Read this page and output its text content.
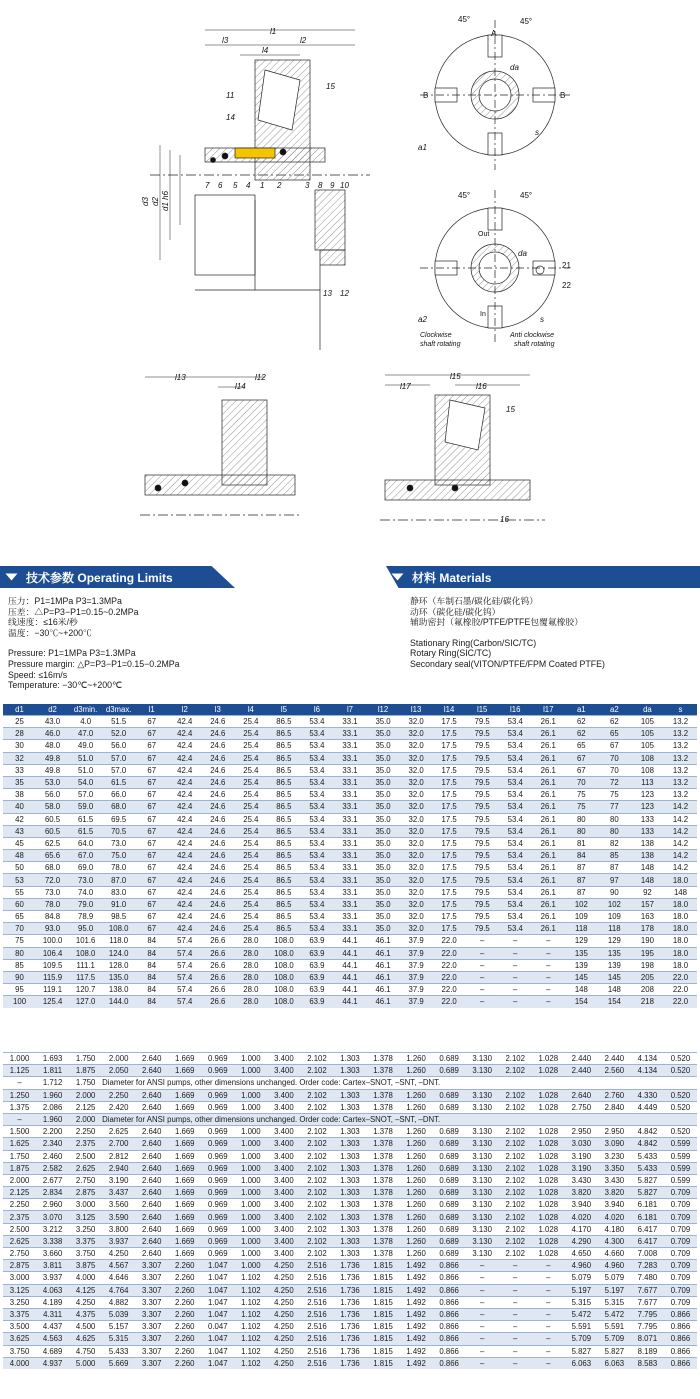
l1
l3	l2
l4
d3 d2 d1 h6
11
14
15
7 6 5 4 1 2	3 8 9 10
13 12
45°	45°
A
B	B
da
a1
s
45°	45°
Out
In
da
21
22
a2	s
Clockwise
shaft rotating
Anti clockwise
shaft rotating
l13
l14
l12
l17
l15
l16
15
16
技术参数 Operating Limits	材料 Materials
压力：P1=1MPa P3=1.3MPa
压差：△P=P3−P1=0.15~0.2MPa
线速度：≤16米/秒
温度：−30℃~+200℃
Pressure: P1=1MPa P3=1.3MPa
Pressure margin: △P=P3−P1=0.15−0.2MPa
Speed: ≤16m/s
Temperature: −30℃~+200℃
静环（车制石墨/碳化硅/碳化钨）
动环（碳化硅/碳化钨）
辅助密封（氟橡胶/PTFE/PTFE包覆氟橡胶）
Stationary Ring(Carbon/SIC/TC)
Rotary Ring(SIC/TC)
Secondary seal(VITON/PTFE/FPM Coated PTFE)
d1	d2	d3min.	d3max.	l1	l2	l3	l4	l5	l6	l7	l12	l13	l14	l15	l16	l17	a1	a2	da	s
25	43.0	4.0	51.5	67	42.4	24.6	25.4	86.5	53.4	33.1	35.0	32.0	17.5	79.5	53.4	26.1	62	62	105	13.2
28	46.0	47.0	52.0	67	42.4	24.6	25.4	86.5	53.4	33.1	35.0	32.0	17.5	79.5	53.4	26.1	62	65	105	13.2
30	48.0	49.0	56.0	67	42.4	24.6	25.4	86.5	53.4	33.1	35.0	32.0	17.5	79.5	53.4	26.1	65	67	105	13.2
32	49.8	51.0	57.0	67	42.4	24.6	25.4	86.5	53.4	33.1	35.0	32.0	17.5	79.5	53.4	26.1	67	70	108	13.2
33	49.8	51.0	57.0	67	42.4	24.6	25.4	86.5	53.4	33.1	35.0	32.0	17.5	79.5	53.4	26.1	67	70	108	13.2
35	53.0	54.0	61.5	67	42.4	24.6	25.4	86.5	53.4	33.1	35.0	32.0	17.5	79.5	53.4	26.1	70	72	113	13.2
38	56.0	57.0	66.0	67	42.4	24.6	25.4	86.5	53.4	33.1	35.0	32.0	17.5	79.5	53.4	26.1	75	75	123	13.2
40	58.0	59.0	68.0	67	42.4	24.6	25.4	86.5	53.4	33.1	35.0	32.0	17.5	79.5	53.4	26.1	75	77	123	14.2
42	60.5	61.5	69.5	67	42.4	24.6	25.4	86.5	53.4	33.1	35.0	32.0	17.5	79.5	53.4	26.1	80	80	133	14.2
43	60.5	61.5	70.5	67	42.4	24.6	25.4	86.5	53.4	33.1	35.0	32.0	17.5	79.5	53.4	26.1	80	80	133	14.2
45	62.5	64.0	73.0	67	42.4	24.6	25.4	86.5	53.4	33.1	35.0	32.0	17.5	79.5	53.4	26.1	81	82	138	14.2
48	65.6	67.0	75.0	67	42.4	24.6	25.4	86.5	53.4	33.1	35.0	32.0	17.5	79.5	53.4	26.1	84	85	138	14.2
50	68.0	69.0	78.0	67	42.4	24.6	25.4	86.5	53.4	33.1	35.0	32.0	17.5	79.5	53.4	26.1	87	87	148	14.2
53	72.0	73.0	87.0	67	42.4	24.6	25.4	86.5	53.4	33.1	35.0	32.0	17.5	79.5	53.4	26.1	87	97	148	18.0
55	73.0	74.0	83.0	67	42.4	24.6	25.4	86.5	53.4	33.1	35.0	32.0	17.5	79.5	53.4	26.1	87	90	92	148
60	78.0	79.0	91.0	67	42.4	24.6	25.4	86.5	53.4	33.1	35.0	32.0	17.5	79.5	53.4	26.1	102	102	157	18.0
65	84.8	78.9	98.5	67	42.4	24.6	25.4	86.5	53.4	33.1	35.0	32.0	17.5	79.5	53.4	26.1	109	109	163	18.0
70	93.0	95.0	108.0	67	42.4	24.6	25.4	86.5	53.4	33.1	35.0	32.0	17.5	79.5	53.4	26.1	118	118	178	18.0
75	100.0	101.6	118.0	84	57.4	26.6	28.0	108.0	63.9	44.1	46.1	37.9	22.0	–	–	–	129	129	190	18.0
80	106.4	108.0	124.0	84	57.4	26.6	28.0	108.0	63.9	44.1	46.1	37.9	22.0	–	–	–	135	135	195	18.0
85	109.5	111.1	128.0	84	57.4	26.6	28.0	108.0	63.9	44.1	46.1	37.9	22.0	–	–	–	139	139	198	18.0
90	115.9	117.5	135.0	84	57.4	26.6	28.0	108.0	63.9	44.1	46.1	37.9	22.0	–	–	–	145	145	205	22.0
95	119.1	120.7	138.0	84	57.4	26.6	28.0	108.0	63.9	44.1	46.1	37.9	22.0	–	–	–	148	148	208	22.0
100	125.4	127.0	144.0	84	57.4	26.6	28.0	108.0	63.9	44.1	46.1	37.9	22.0	–	–	–	154	154	218	22.0
1.000	1.693	1.750	2.000	2.640	1.669	0.969	1.000	3.400	2.102	1.303	1.378	1.260	0.689	3.130	2.102	1.028	2.440	2.440	4.134	0.520
1.125	1.811	1.875	2.050	2.640	1.669	0.969	1.000	3.400	2.102	1.303	1.378	1.260	0.689	3.130	2.102	1.028	2.440	2.560	4.134	0.520
–	1.712	1.750	Diameter for ANSI pumps, other dimensions unchanged. Order code: Cartex–SNOT, –SNT, –DNT.																	
1.250	1.960	2.000	2.250	2.640	1.669	0.969	1.000	3.400	2.102	1.303	1.378	1.260	0.689	3.130	2.102	1.028	2.640	2.760	4.330	0.520
1.375	2.086	2.125	2.420	2.640	1.669	0.969	1.000	3.400	2.102	1.303	1.378	1.260	0.689	3.130	2.102	1.028	2.750	2.840	4.449	0.520
–	1.960	2.000	Diameter for ANSI pumps, other dimensions unchanged. Order code: Cartex–SNOT, –SNT, –DNT.																	
1.500	2.200	2.250	2.625	2.640	1.669	0.969	1.000	3.400	2.102	1.303	1.378	1.260	0.689	3.130	2.102	1.028	2.950	2.950	4.842	0.520
1.625	2.340	2.375	2.700	2.640	1.669	0.969	1.000	3.400	2.102	1.303	1.378	1.260	0.689	3.130	2.102	1.028	3.030	3.090	4.842	0.599
1.750	2.460	2.500	2.812	2.640	1.669	0.969	1.000	3.400	2.102	1.303	1.378	1.260	0.689	3.130	2.102	1.028	3.190	3.230	5.433	0.599
1.875	2.582	2.625	2.940	2.640	1.669	0.969	1.000	3.400	2.102	1.303	1.378	1.260	0.689	3.130	2.102	1.028	3.190	3.350	5.433	0.599
2.000	2.677	2.750	3.190	2.640	1.669	0.969	1.000	3.400	2.102	1.303	1.378	1.260	0.689	3.130	2.102	1.028	3.430	3.430	5.827	0.599
2.125	2.834	2.875	3.437	2.640	1.669	0.969	1.000	3.400	2.102	1.303	1.378	1.260	0.689	3.130	2.102	1.028	3.820	3.820	5.827	0.709
2.250	2.960	3.000	3.560	2.640	1.669	0.969	1.000	3.400	2.102	1.303	1.378	1.260	0.689	3.130	2.102	1.028	3.940	3.940	6.181	0.709
2.375	3.070	3.125	3.590	2.640	1.669	0.969	1.000	3.400	2.102	1.303	1.378	1.260	0.689	3.130	2.102	1.028	4.020	4.020	6.181	0.709
2.500	3.212	3.250	3.800	2.640	1.669	0.969	1.000	3.400	2.102	1.303	1.378	1.260	0.689	3.130	2.102	1.028	4.170	4.180	6.417	0.709
2.625	3.338	3.375	3.937	2.640	1.669	0.969	1.000	3.400	2.102	1.303	1.378	1.260	0.689	3.130	2.102	1.028	4.290	4.300	6.417	0.709
2.750	3.660	3.750	4.250	2.640	1.669	0.969	1.000	3.400	2.102	1.303	1.378	1.260	0.689	3.130	2.102	1.028	4.650	4.660	7.008	0.709
2.875	3.811	3.875	4.567	3.307	2.260	1.047	1.000	4.250	2.516	1.736	1.815	1.492	0.866	–	–	–	4.960	4.960	7.283	0.709
3.000	3.937	4.000	4.646	3.307	2.260	1.047	1.102	4.250	2.516	1.736	1.815	1.492	0.866	–	–	–	5.079	5.079	7.480	0.709
3.125	4.063	4.125	4.764	3.307	2.260	1.047	1.102	4.250	2.516	1.736	1.815	1.492	0.866	–	–	–	5.197	5.197	7.677	0.709
3.250	4.189	4.250	4.882	3.307	2.260	1.047	1.102	4.250	2.516	1.736	1.815	1.492	0.866	–	–	–	5.315	5.315	7.677	0.709
3.375	4.311	4.375	5.039	3.307	2.260	1.047	1.102	4.250	2.516	1.736	1.815	1.492	0.866	–	–	–	5.472	5.472	7.795	0.866
3.500	4.437	4.500	5.157	3.307	2.260	0.047	1.102	4.250	2.516	1.736	1.815	1.492	0.866	–	–	–	5.591	5.591	7.795	0.866
3.625	4.563	4.625	5.315	3.307	2.260	1.047	1.102	4.250	2.516	1.736	1.815	1.492	0.866	–	–	–	5.709	5.709	8.071	0.866
3.750	4.689	4.750	5.433	3.307	2.260	1.047	1.102	4.250	2.516	1.736	1.815	1.492	0.866	–	–	–	5.827	5.827	8.189	0.866
4.000	4.937	5.000	5.669	3.307	2.260	1.047	1.102	4.250	2.516	1.736	1.815	1.492	0.866	–	–	–	6.063	6.063	8.583	0.866
